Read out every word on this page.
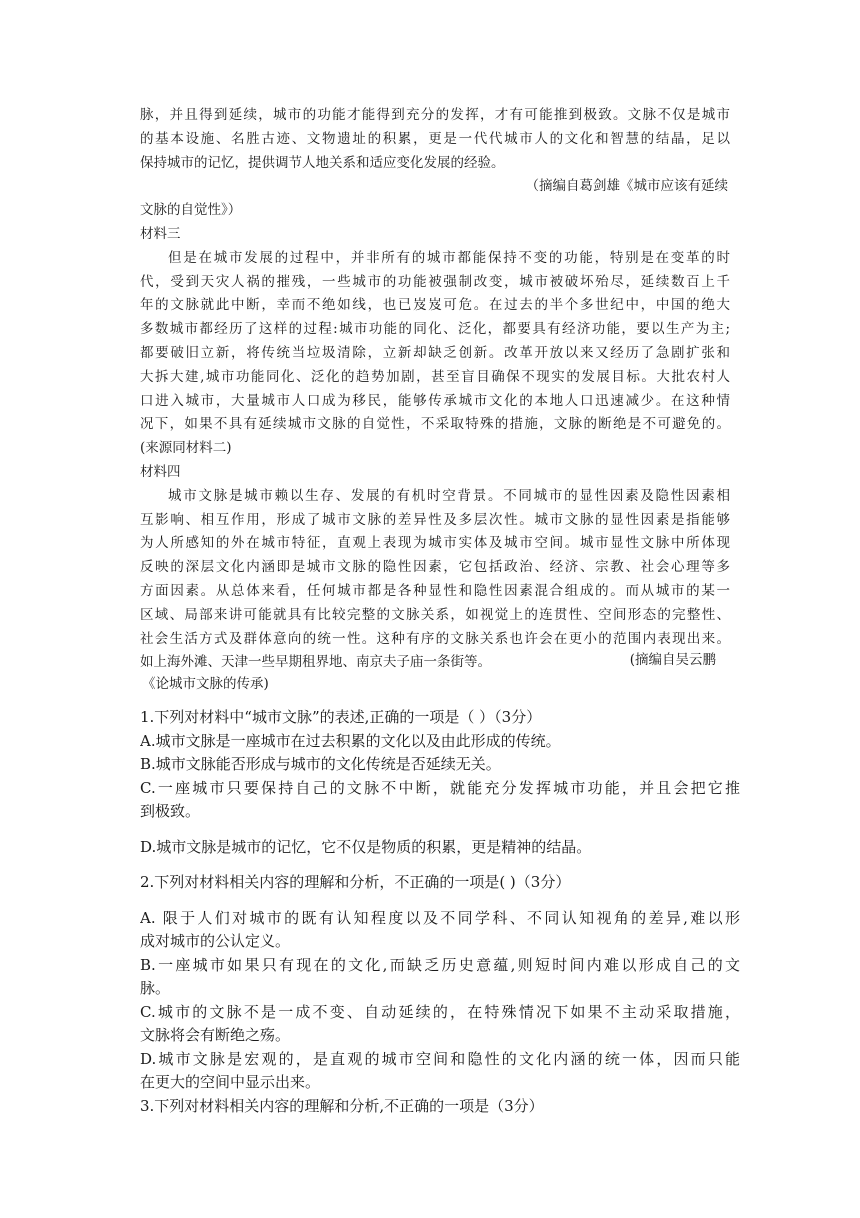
脉，并且得到延续，城市的功能才能得到充分的发挥，才有可能推到极致。文脉不仅是城市
的基本设施、名胜古迹、文物遗址的积累，更是一代代城市人的文化和智慧的结晶，足以
保持城市的记忆，提供调节人地关系和适应变化发展的经验。
（摘编自葛剑雄《城市应该有延续
文脉的自觉性》）
材料三
但是在城市发展的过程中，并非所有的城市都能保持不变的功能，特别是在变革的时
代，受到天灾人祸的摧残，一些城市的功能被强制改变，城市被破坏殆尽，延续数百上千
年的文脉就此中断，幸而不绝如线，也已岌岌可危。在过去的半个多世纪中，中国的绝大
多数城市都经历了这样的过程:城市功能的同化、泛化，都要具有经济功能，要以生产为主;
都要破旧立新，将传统当垃圾清除，立新却缺乏创新。改革开放以来又经历了急剧扩张和
大拆大建,城市功能同化、泛化的趋势加剧，甚至盲目确保不现实的发展目标。大批农村人
口进入城市，大量城市人口成为移民，能够传承城市文化的本地人口迅速减少。在这种情
况下，如果不具有延续城市文脉的自觉性，不采取特殊的措施，文脉的断绝是不可避免的。
(来源同材料二)
材料四
城市文脉是城市赖以生存、发展的有机时空背景。不同城市的显性因素及隐性因素相
互影响、相互作用，形成了城市文脉的差异性及多层次性。城市文脉的显性因素是指能够
为人所感知的外在城市特征，直观上表现为城市实体及城市空间。城市显性文脉中所体现
反映的深层文化内涵即是城市文脉的隐性因素，它包括政治、经济、宗教、社会心理等多
方面因素。从总体来看，任何城市都是各种显性和隐性因素混合组成的。而从城市的某一
区域、局部来讲可能就具有比较完整的文脉关系，如视觉上的连贯性、空间形态的完整性、
社会生活方式及群体意向的统一性。这种有序的文脉关系也许会在更小的范围内表现出来。
如上海外滩、天津一些早期租界地、南京夫子庙一条街等。	(摘编自吴云鹏
《论城市文脉的传承)
1.下列对材料中“城市文脉”的表述,正确的一项是（ ）（3分）
A.城市文脉是一座城市在过去积累的文化以及由此形成的传统。
B.城市文脉能否形成与城市的文化传统是否延续无关。
C.一座城市只要保持自己的文脉不中断，就能充分发挥城市功能，并且会把它推
到极致。
D.城市文脉是城市的记忆，它不仅是物质的积累，更是精神的结晶。
2.下列对材料相关内容的理解和分析，不正确的一项是( )（3分）
A. 限于人们对城市的既有认知程度以及不同学科、不同认知视角的差异,难以形
成对城市的公认定义。
B.一座城市如果只有现在的文化,而缺乏历史意蕴,则短时间内难以形成自己的文
脉。
C.城市的文脉不是一成不变、自动延续的，在特殊情况下如果不主动采取措施，
文脉将会有断绝之殇。
D.城市文脉是宏观的，是直观的城市空间和隐性的文化内涵的统一体，因而只能
在更大的空间中显示出来。
3.下列对材料相关内容的理解和分析,不正确的一项是（3分）
